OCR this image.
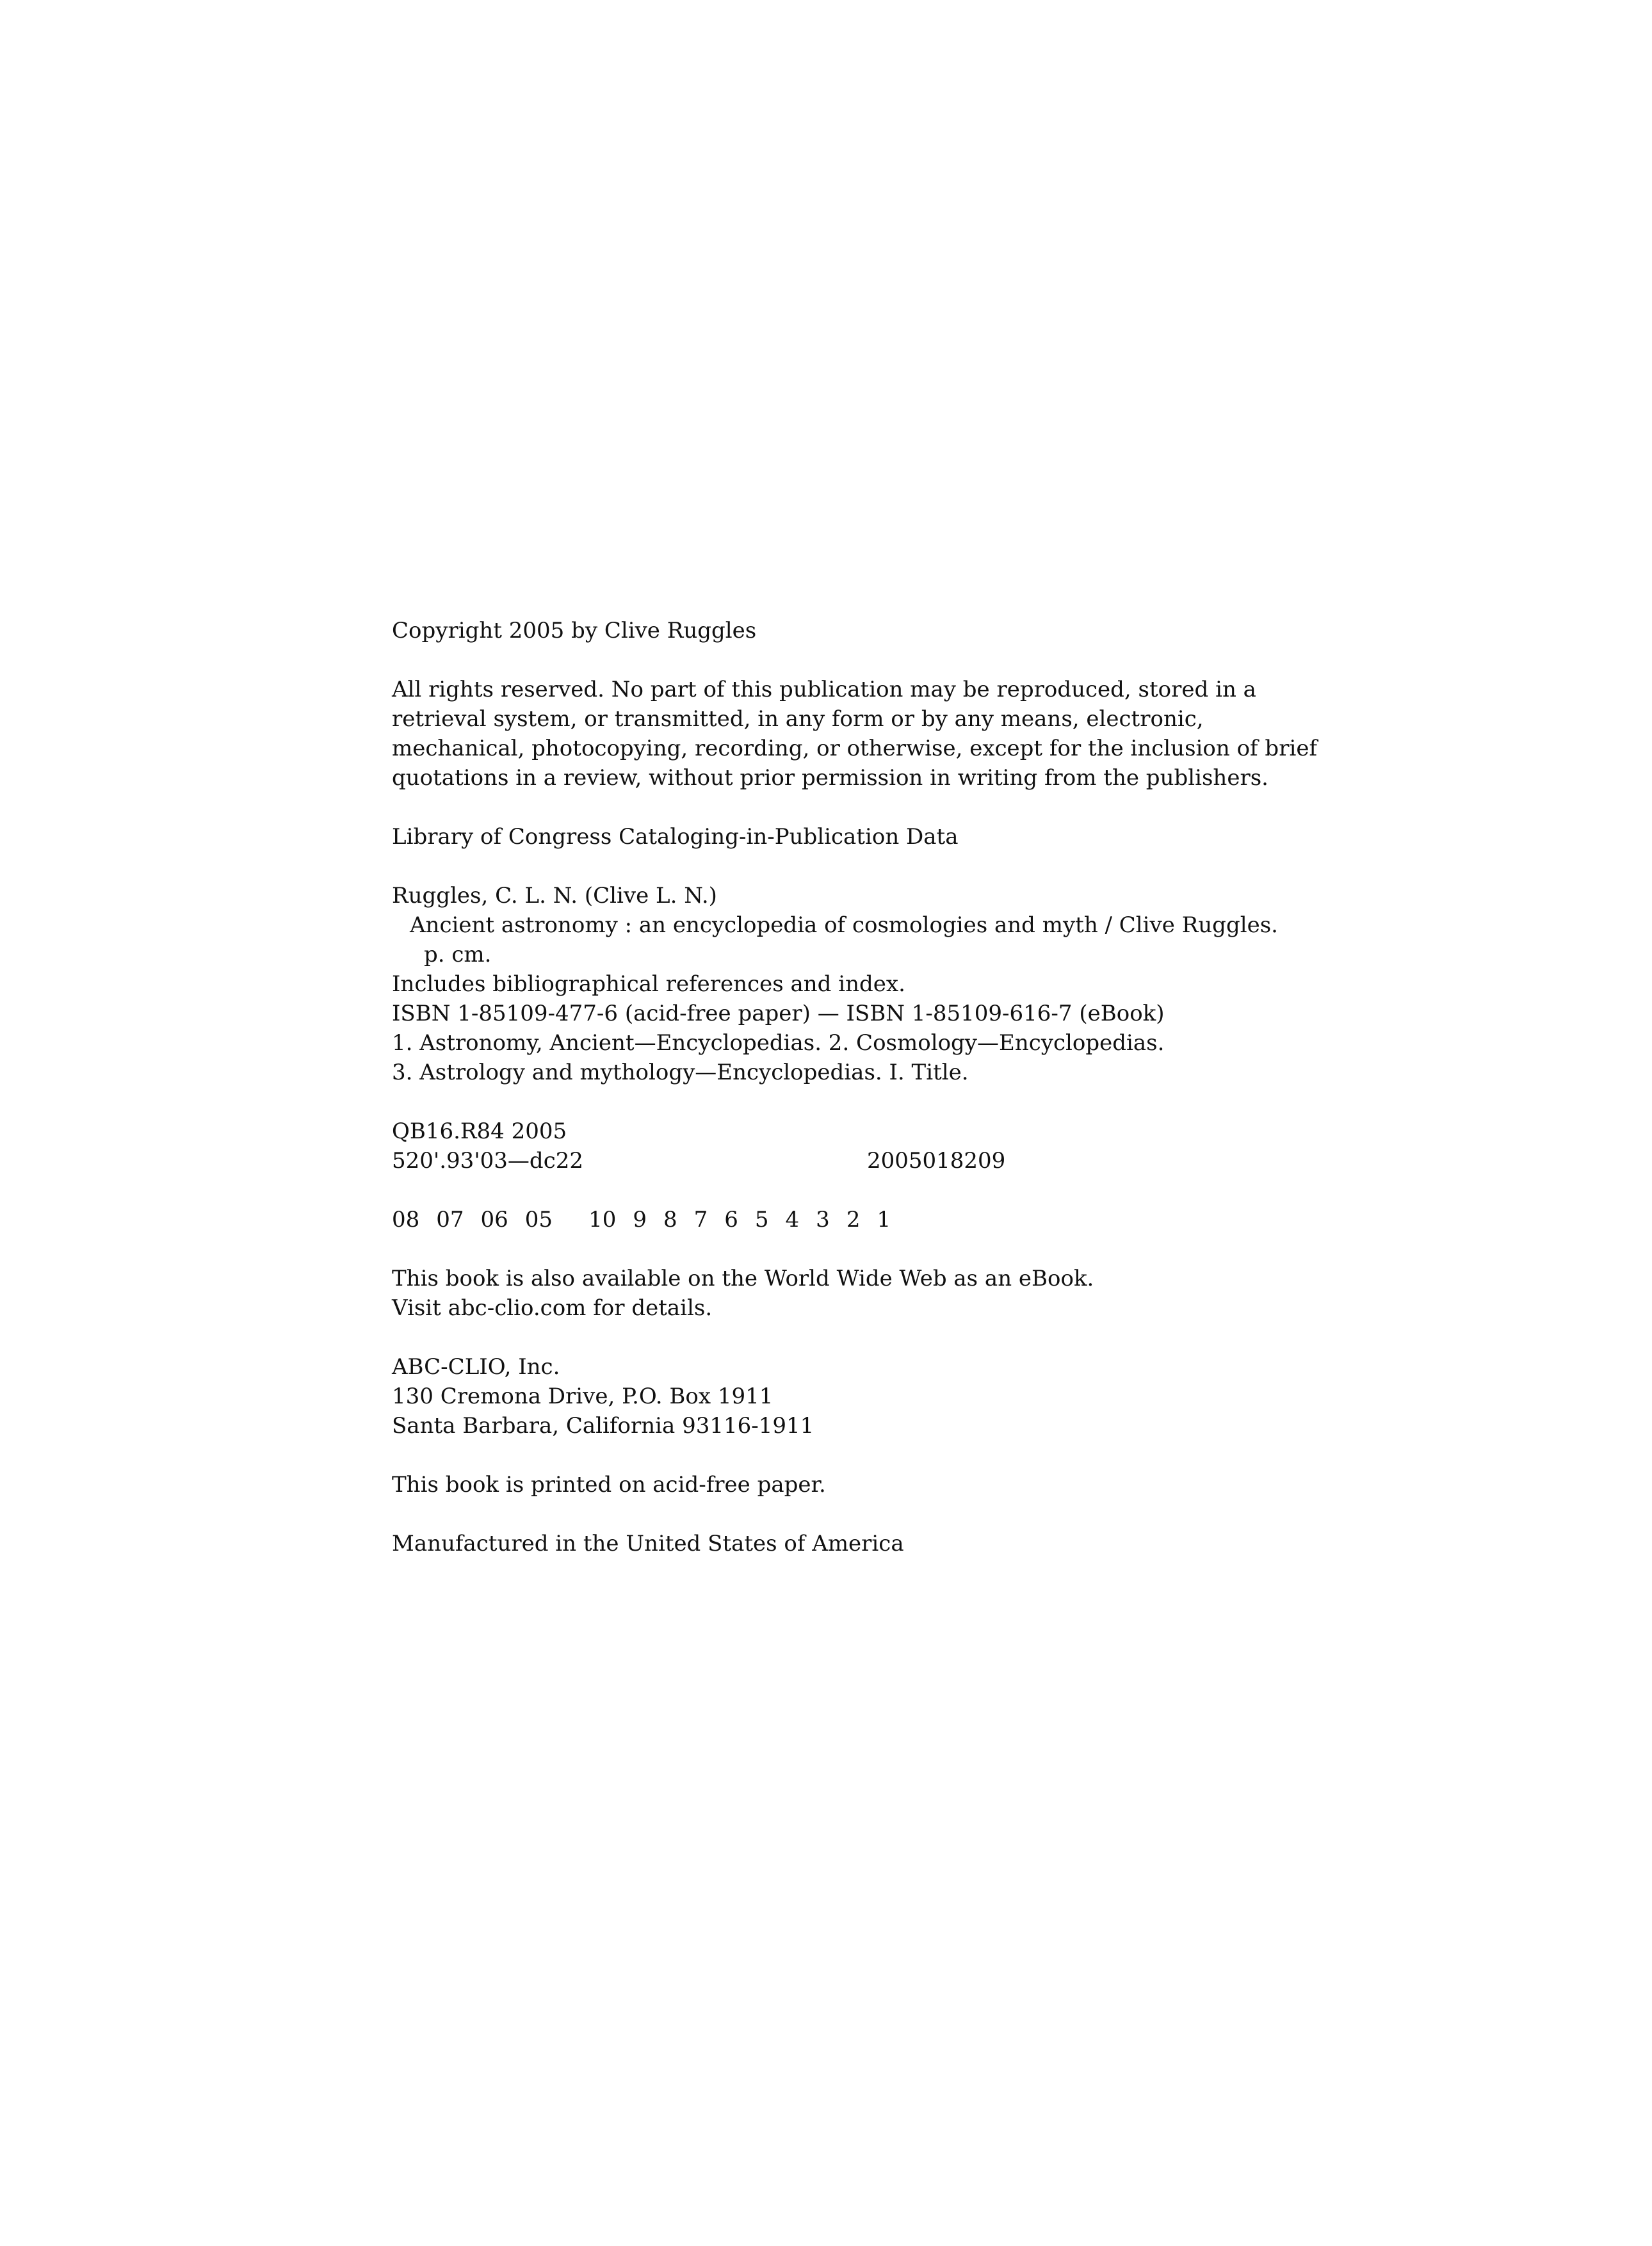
Copyright 2005 by Clive Ruggles
All rights reserved. No part of this publication may be reproduced, stored in a
retrieval system, or transmitted, in any form or by any means, electronic,
mechanical, photocopying, recording, or otherwise, except for the inclusion of brief
quotations in a review, without prior permission in writing from the publishers.
Library of Congress Cataloging-in-Publication Data
Ruggles, C. L. N. (Clive L. N.)
Ancient astronomy : an encyclopedia of cosmologies and myth / Clive Ruggles.
p. cm.
Includes bibliographical references and index.
ISBN 1-85109-477-6 (acid-free paper) — ISBN 1-85109-616-7 (eBook)
1. Astronomy, Ancient—Encyclopedias. 2. Cosmology—Encyclopedias.
3. Astrology and mythology—Encyclopedias. I. Title.
QB16.R84 2005
520'.93'03—dc22	2005018209
08 07 06 05 10 9 8 7 6 5 4 3 2 1
This book is also available on the World Wide Web as an eBook.
Visit abc-clio.com for details.
ABC-CLIO, Inc.
130 Cremona Drive, P.O. Box 1911
Santa Barbara, California 93116-1911
This book is printed on acid-free paper.
Manufactured in the United States of America
